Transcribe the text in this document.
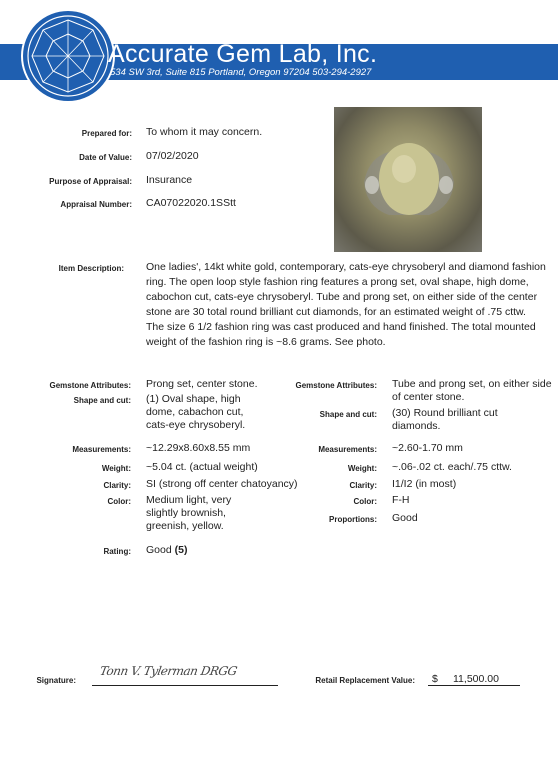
Accurate Gem Lab, Inc.
534 SW 3rd, Suite 815 Portland, Oregon 97204 503-294-2927
Prepared for: To whom it may concern.
Date of Value: 07/02/2020
Purpose of Appraisal: Insurance
Appraisal Number: CA07022020.1SStt
Item Description: One ladies', 14kt white gold, contemporary, cats-eye chrysoberyl and diamond fashion ring. The open loop style fashion ring features a prong set, oval shape, high dome, cabochon cut, cats-eye chrysoberyl. Tube and prong set, on either side of the center stone are 30 total round brilliant cut diamonds, for an estimated weight of .75 cttw. The size 6 1/2 fashion ring was cast produced and hand finished. The total mounted weight of the fashion ring is ~8.6 grams. See photo.
Gemstone Attributes: Prong set, center stone.
Shape and cut: (1) Oval shape, high dome, cabachon cut, cats-eye chrysoberyl.
Measurements: ~12.29x8.60x8.55 mm
Weight: ~5.04 ct. (actual weight)
Clarity: SI (strong off center chatoyancy)
Color: Medium light, very slightly brownish, greenish, yellow.
Rating: Good (5)
Gemstone Attributes: Tube and prong set, on either side of center stone.
Shape and cut: (30) Round brilliant cut diamonds.
Measurements: ~2.60-1.70 mm
Weight: ~.06-.02 ct. each/.75 cttw.
Clarity: I1/I2 (in most)
Color: F-H
Proportions: Good
Signature:
Tonn V. Tylerman DRGG
Retail Replacement Value: $ 11,500.00
